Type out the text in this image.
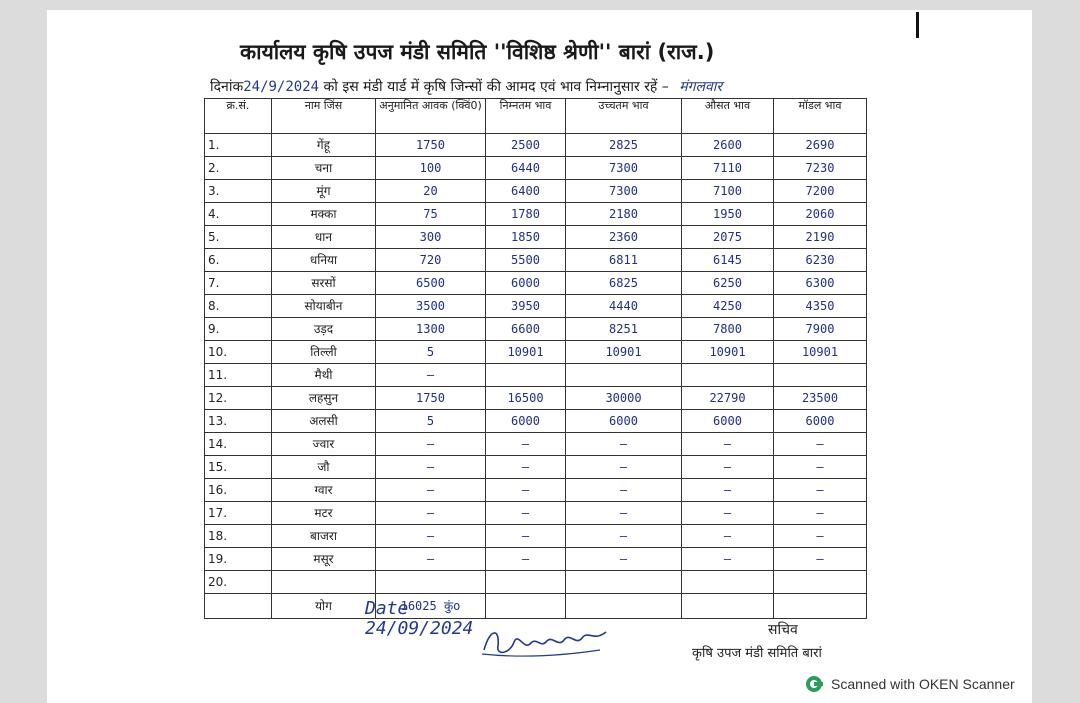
कार्यालय कृषि उपज मंडी समिति ''विशिष्ठ श्रेणी'' बारां (राज.)
दिनांक24/9/2024 को इस मंडी यार्ड में कृषि जिन्सों की आमद एवं भाव निम्नानुसार रहें – मंगलवार
क्र.सं.	नाम जिंस	अनुमानित आवक (क्विं0)	निम्नतम भाव	उच्चतम भाव	औसत भाव	मॉडल भाव
1.	गेंहू	1750	2500	2825	2600	2690
2.	चना	100	6440	7300	7110	7230
3.	मूंग	20	6400	7300	7100	7200
4.	मक्का	75	1780	2180	1950	2060
5.	धान	300	1850	2360	2075	2190
6.	धनिया	720	5500	6811	6145	6230
7.	सरसों	6500	6000	6825	6250	6300
8.	सोयाबीन	3500	3950	4440	4250	4350
9.	उड़द	1300	6600	8251	7800	7900
10.	तिल्ली	5	10901	10901	10901	10901
11.	मैथी	—				
12.	लहसुन	1750	16500	30000	22790	23500
13.	अलसी	5	6000	6000	6000	6000
14.	ज्वार	—	—	—	—	—
15.	जौ	—	—	—	—	—
16.	ग्वार	—	—	—	—	—
17.	मटर	—	—	—	—	—
18.	बाजरा	—	—	—	—	—
19.	मसूर	—	—	—	—	—
20.						
	योग	16025 कुंo				
Date
24/09/2024	सचिव
कृषि उपज मंडी समिति बारां
Scanned with OKEN Scanner
